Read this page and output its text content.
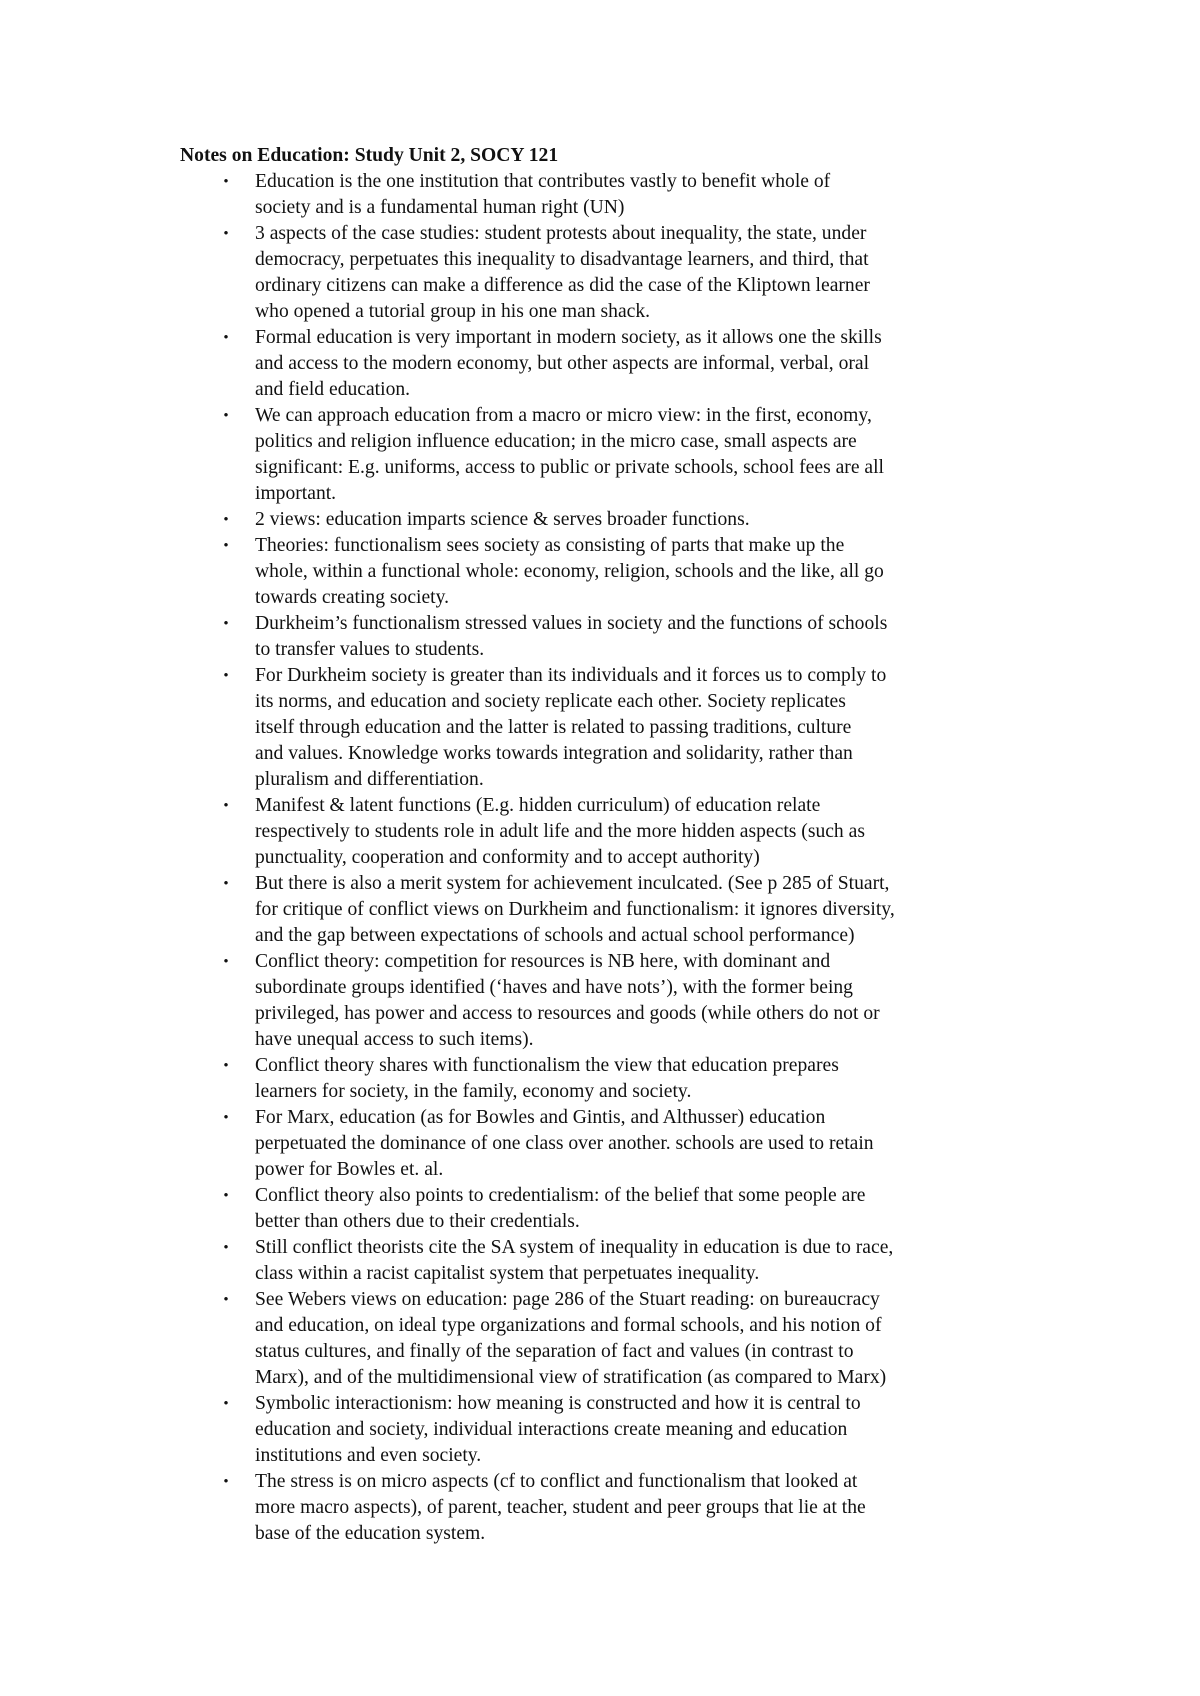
Notes on Education: Study Unit 2, SOCY 121
• Education is the one institution that contributes vastly to benefit whole of
society and is a fundamental human right (UN)
• 3 aspects of the case studies: student protests about inequality, the state, under
democracy, perpetuates this inequality to disadvantage learners, and third, that
ordinary citizens can make a difference as did the case of the Kliptown learner
who opened a tutorial group in his one man shack.
• Formal education is very important in modern society, as it allows one the skills
and access to the modern economy, but other aspects are informal, verbal, oral
and field education.
• We can approach education from a macro or micro view: in the first, economy,
politics and religion influence education; in the micro case, small aspects are
significant: E.g. uniforms, access to public or private schools, school fees are all
important.
• 2 views: education imparts science & serves broader functions.
• Theories: functionalism sees society as consisting of parts that make up the
whole, within a functional whole: economy, religion, schools and the like, all go
towards creating society.
• Durkheim’s functionalism stressed values in society and the functions of schools
to transfer values to students.
• For Durkheim society is greater than its individuals and it forces us to comply to
its norms, and education and society replicate each other. Society replicates
itself through education and the latter is related to passing traditions, culture
and values. Knowledge works towards integration and solidarity, rather than
pluralism and differentiation.
• Manifest & latent functions (E.g. hidden curriculum) of education relate
respectively to students role in adult life and the more hidden aspects (such as
punctuality, cooperation and conformity and to accept authority)
• But there is also a merit system for achievement inculcated. (See p 285 of Stuart,
for critique of conflict views on Durkheim and functionalism: it ignores diversity,
and the gap between expectations of schools and actual school performance)
• Conflict theory: competition for resources is NB here, with dominant and
subordinate groups identified (‘haves and have nots’), with the former being
privileged, has power and access to resources and goods (while others do not or
have unequal access to such items).
• Conflict theory shares with functionalism the view that education prepares
learners for society, in the family, economy and society.
• For Marx, education (as for Bowles and Gintis, and Althusser) education
perpetuated the dominance of one class over another. schools are used to retain
power for Bowles et. al.
• Conflict theory also points to credentialism: of the belief that some people are
better than others due to their credentials.
• Still conflict theorists cite the SA system of inequality in education is due to race,
class within a racist capitalist system that perpetuates inequality.
• See Webers views on education: page 286 of the Stuart reading: on bureaucracy
and education, on ideal type organizations and formal schools, and his notion of
status cultures, and finally of the separation of fact and values (in contrast to
Marx), and of the multidimensional view of stratification (as compared to Marx)
• Symbolic interactionism: how meaning is constructed and how it is central to
education and society, individual interactions create meaning and education
institutions and even society.
• The stress is on micro aspects (cf to conflict and functionalism that looked at
more macro aspects), of parent, teacher, student and peer groups that lie at the
base of the education system.
